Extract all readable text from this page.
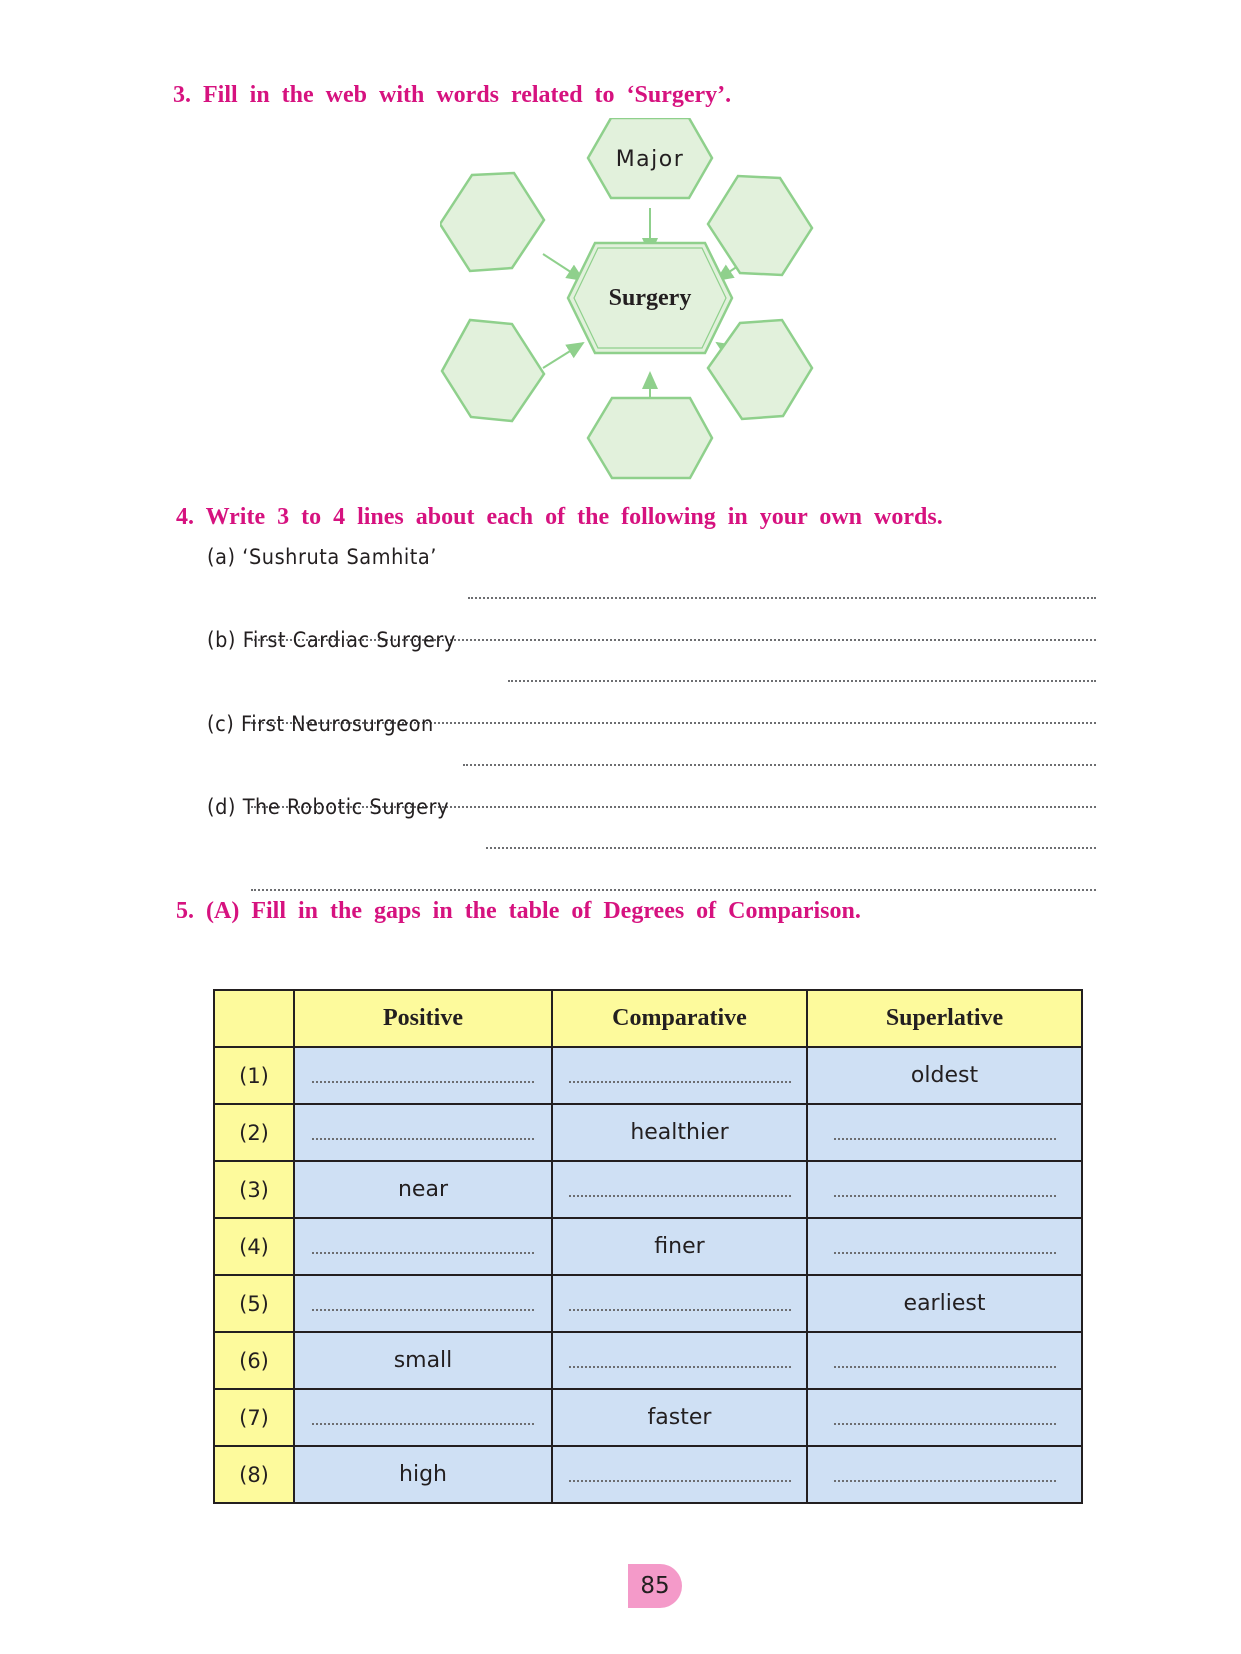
3. Fill in the web with words related to ‘Surgery’.
Major
Surgery
4. Write 3 to 4 lines about each of the following in your own words.
(a) ‘Sushruta Samhita’
(b) First Cardiac Surgery
(c) First Neurosurgeon
(d) The Robotic Surgery
5. (A) Fill in the gaps in the table of Degrees of Comparison.
	Positive	Comparative	Superlative
(1)			oldest
(2)		healthier	
(3)	near		
(4)		finer	
(5)			earliest
(6)	small		
(7)		faster	
(8)	high		
85
